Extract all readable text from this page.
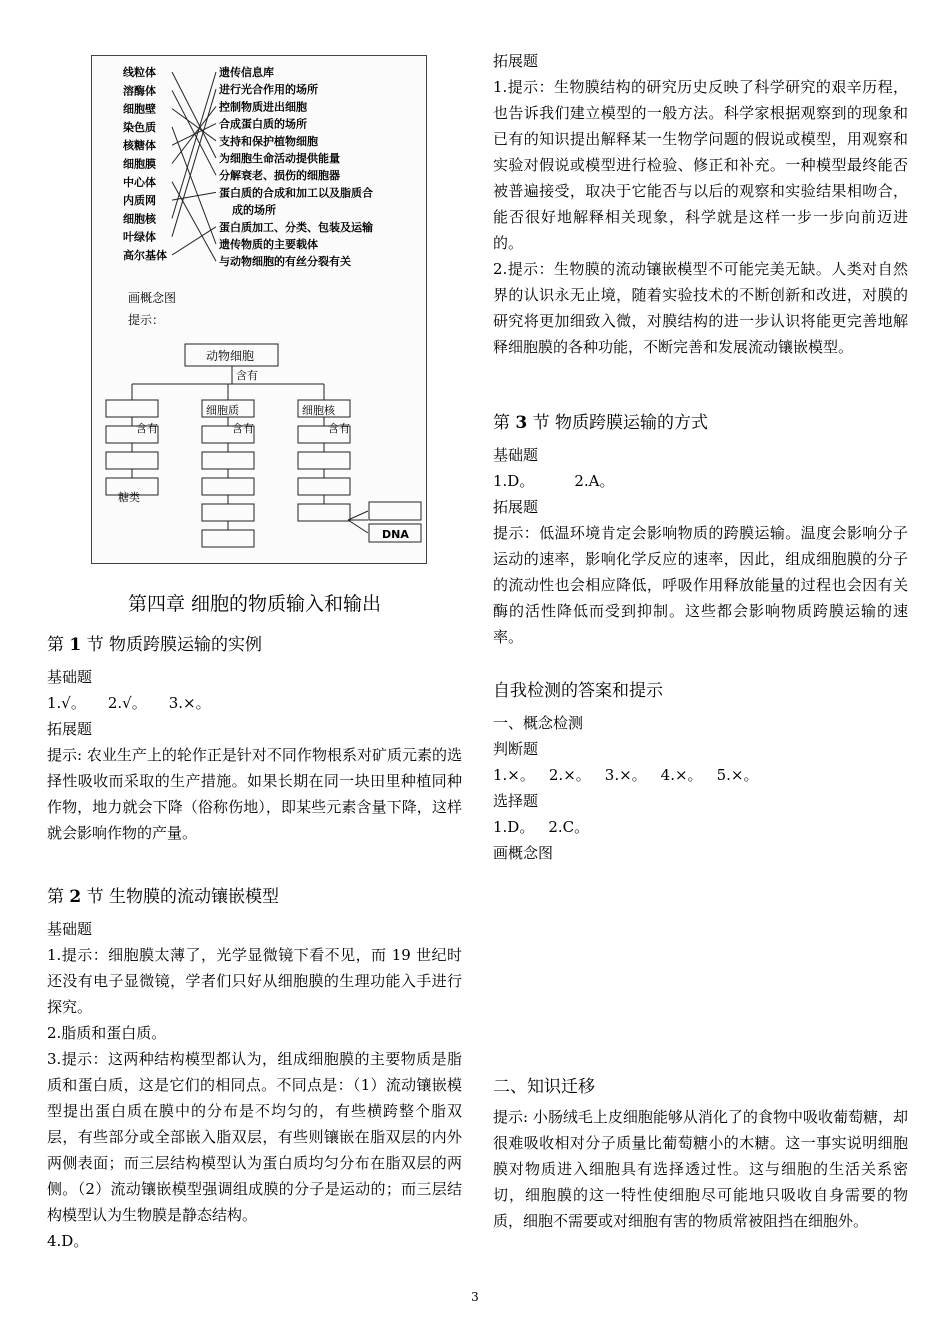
线粒体
溶酶体
细胞壁
染色质
核糖体
细胞膜
中心体
内质网
细胞核
叶绿体
高尔基体
遗传信息库
进行光合作用的场所
控制物质进出细胞
合成蛋白质的场所
支持和保护植物细胞
为细胞生命活动提供能量
分解衰老、损伤的细胞器
蛋白质的合成和加工以及脂质合
成的场所
蛋白质加工、分类、包装及运输
遗传物质的主要载体
与动物细胞的有丝分裂有关
画概念图
提示：
动物细胞
含有
细胞质	细胞核
含有	含有	含有
糖类
DNA

第四章 细胞的物质输入和输出

第 1 节 物质跨膜运输的实例

基础题

1.√。 2.√。 3.×。

拓展题

提示: 农业生产上的轮作正是针对不同作物根系对矿质元素的选择性吸收而采取的生产措施。如果长期在同一块田里种植同种作物，地力就会下降（俗称伤地），即某些元素含量下降，这样就会影响作物的产量。

第 2 节 生物膜的流动镶嵌模型

基础题

1.提示：细胞膜太薄了，光学显微镜下看不见，而 19 世纪时还没有电子显微镜，学者们只好从细胞膜的生理功能入手进行探究。

2.脂质和蛋白质。

3.提示：这两种结构模型都认为，组成细胞膜的主要物质是脂质和蛋白质，这是它们的相同点。不同点是：（1）流动镶嵌模型提出蛋白质在膜中的分布是不均匀的，有些横跨整个脂双层，有些部分或全部嵌入脂双层，有些则镶嵌在脂双层的内外两侧表面；而三层结构模型认为蛋白质均匀分布在脂双层的两侧。（2）流动镶嵌模型强调组成膜的分子是运动的；而三层结构模型认为生物膜是静态结构。

4.D。

拓展题

1.提示：生物膜结构的研究历史反映了科学研究的艰辛历程，也告诉我们建立模型的一般方法。科学家根据观察到的现象和已有的知识提出解释某一生物学问题的假说或模型，用观察和实验对假说或模型进行检验、修正和补充。一种模型最终能否被普遍接受，取决于它能否与以后的观察和实验结果相吻合，能否很好地解释相关现象，科学就是这样一步一步向前迈进的。

2.提示：生物膜的流动镶嵌模型不可能完美无缺。人类对自然界的认识永无止境，随着实验技术的不断创新和改进，对膜的研究将更加细致入微，对膜结构的进一步认识将能更完善地解释细胞膜的各种功能，不断完善和发展流动镶嵌模型。

第 3 节 物质跨膜运输的方式

基础题

1.D。	2.A。

拓展题

提示：低温环境肯定会影响物质的跨膜运输。温度会影响分子运动的速率，影响化学反应的速率，因此，组成细胞膜的分子的流动性也会相应降低，呼吸作用释放能量的过程也会因有关酶的活性降低而受到抑制。这些都会影响物质跨膜运输的速率。

自我检测的答案和提示

一、概念检测

判断题

1.×。 2.×。 3.×。 4.×。 5.×。

选择题

1.D。 2.C。

画概念图

二、知识迁移

提示: 小肠绒毛上皮细胞能够从消化了的食物中吸收葡萄糖，却很难吸收相对分子质量比葡萄糖小的木糖。这一事实说明细胞膜对物质进入细胞具有选择透过性。这与细胞的生活关系密切，细胞膜的这一特性使细胞尽可能地只吸收自身需要的物质，细胞不需要或对细胞有害的物质常被阻挡在细胞外。

3
